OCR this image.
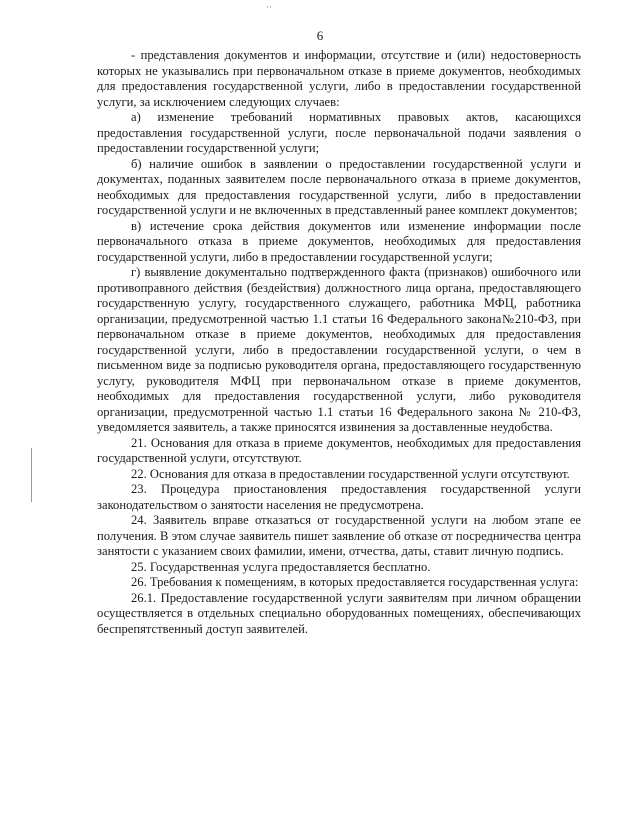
··
6

- представления документов и информации, отсутствие и (или) недостоверность которых не указывались при первоначальном отказе в приеме документов, необходимых для предоставления государственной услуги, либо в предоставлении государственной услуги, за исключением следующих случаев:

а) изменение требований нормативных правовых актов, касающихся предоставления государственной услуги, после первоначальной подачи заявления о предоставлении государственной услуги;

б) наличие ошибок в заявлении о предоставлении государственной услуги и документах, поданных заявителем после первоначального отказа в приеме документов, необходимых для предоставления государственной услуги, либо в предоставлении государственной услуги и не включенных в представленный ранее комплект документов;

в) истечение срока действия документов или изменение информации после первоначального отказа в приеме документов, необходимых для предоставления государственной услуги, либо в предоставлении государственной услуги;

г) выявление документально подтвержденного факта (признаков) ошибочного или противоправного действия (бездействия) должностного лица органа, предоставляющего государственную услугу, государственного служащего, работника МФЦ, работника организации, предусмотренной частью 1.1 статьи 16 Федерального закона№210-ФЗ, при первоначальном отказе в приеме документов, необходимых для предоставления государственной услуги, либо в предоставлении государственной услуги, о чем в письменном виде за подписью руководителя органа, предоставляющего государственную услугу, руководителя МФЦ при первоначальном отказе в приеме документов, необходимых для предоставления государственной услуги, либо руководителя организации, предусмотренной частью 1.1 статьи 16 Федерального закона № 210-ФЗ, уведомляется заявитель, а также приносятся извинения за доставленные неудобства.

21. Основания для отказа в приеме документов, необходимых для предоставления государственной услуги, отсутствуют.

22. Основания для отказа в предоставлении государственной услуги отсутствуют.

23. Процедура приостановления предоставления государственной услуги законодательством о занятости населения не предусмотрена.

24. Заявитель вправе отказаться от государственной услуги на любом этапе ее получения. В этом случае заявитель пишет заявление об отказе от посредничества центра занятости с указанием своих фамилии, имени, отчества, даты, ставит личную подпись.

25. Государственная услуга предоставляется бесплатно.

26. Требования к помещениям, в которых предоставляется государственная услуга:

26.1. Предоставление государственной услуги заявителям при личном обращении осуществляется в отдельных специально оборудованных помещениях, обеспечивающих беспрепятственный доступ заявителей.
